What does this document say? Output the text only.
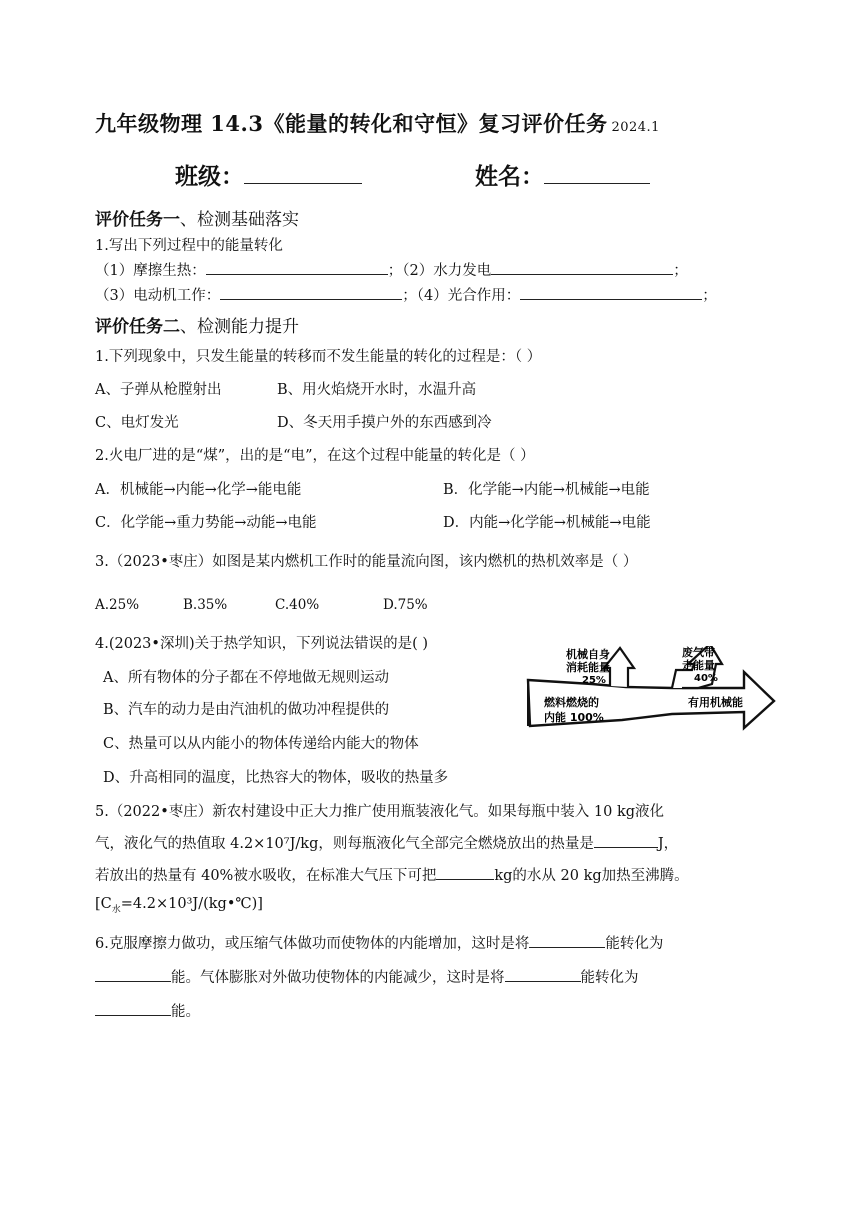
九年级物理 14.3《能量的转化和守恒》复习评价任务 2024.1
班级：	姓名：
评价任务一、检测基础落实
1.写出下列过程中的能量转化
（1）摩擦生热：	；（2）水力发电	；
（3）电动机工作：	；（4）光合作用：	；
评价任务二、检测能力提升
1.下列现象中，只发生能量的转移而不发生能量的转化的过程是：（ ）
A、子弹从枪膛射出	B、用火焰烧开水时，水温升高
C、电灯发光	D、冬天用手摸户外的东西感到冷
2.火电厂进的是“煤”，出的是“电”，在这个过程中能量的转化是（ ）
A．机械能→内能→化学→能电能	B．化学能→内能→机械能→电能
C．化学能→重力势能→动能→电能	D．内能→化学能→机械能→电能
3.（2023•枣庄）如图是某内燃机工作时的能量流向图，该内燃机的热机效率是（ ）
A.25%	B.35%	C.40%	D.75%
机械自身
消耗能量
25%
废气带
走能量
40%
燃料燃烧的
内能 100%
有用机械能
4.(2023•深圳)关于热学知识，下列说法错误的是( )
A、所有物体的分子都在不停地做无规则运动
B、汽车的动力是由汽油机的做功冲程提供的
C、热量可以从内能小的物体传递给内能大的物体
D、升高相同的温度，比热容大的物体，吸收的热量多
5.（2022•枣庄）新农村建设中正大力推广使用瓶装液化气。如果每瓶中装入 10 kg液化
气，液化气的热值取 4.2×10⁷J/kg，则每瓶液化气全部完全燃烧放出的热量是	J，
若放出的热量有 40%被水吸收，在标准大气压下可把	kg的水从 20 kg加热至沸腾。
$[C_水=4.2\times 10^3J/(kg•℃)]$
6.克服摩擦力做功，或压缩气体做功而使物体的内能增加，这时是将	能转化为
能。气体膨胀对外做功使物体的内能减少，这时是将	能转化为
能。
